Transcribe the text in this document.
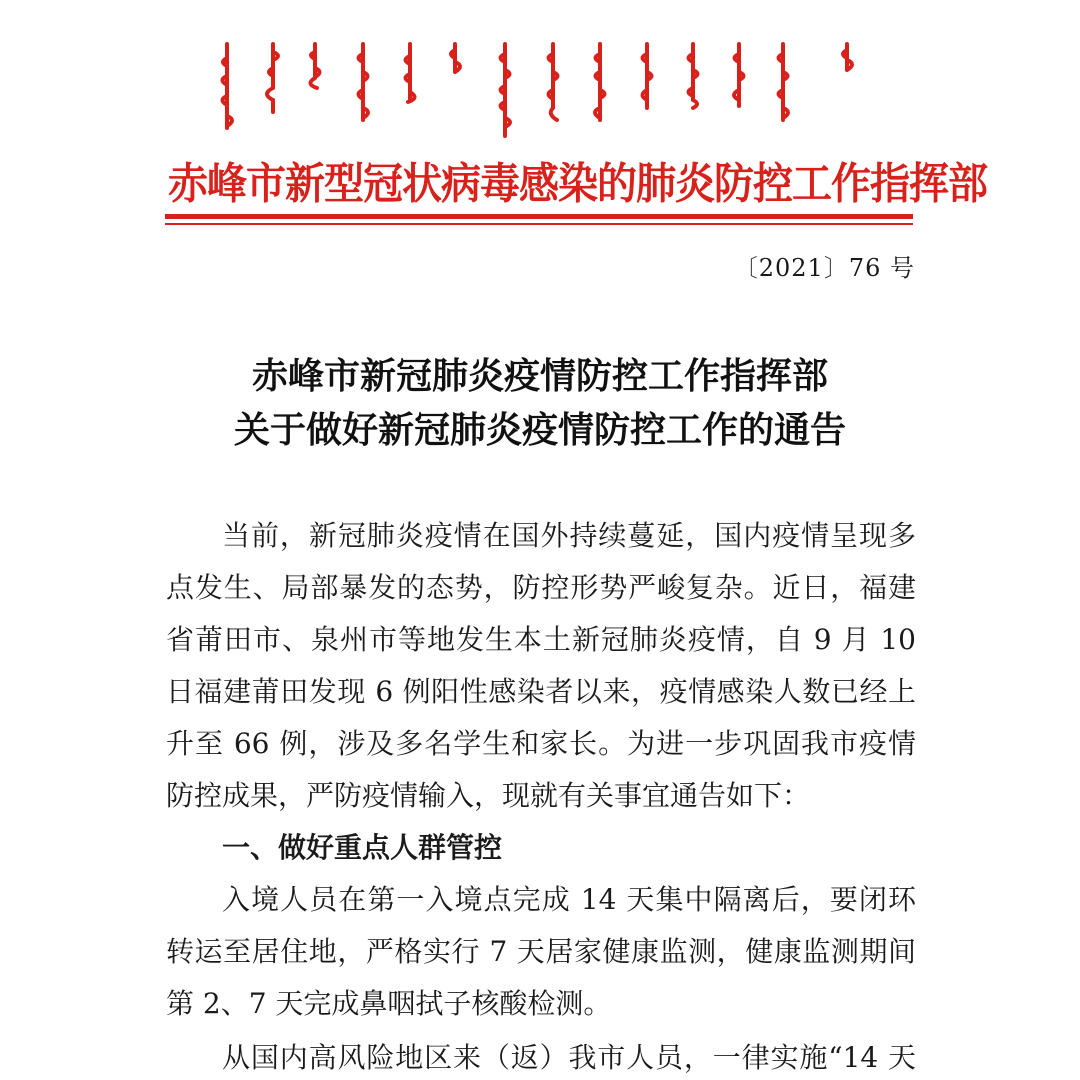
赤峰市新型冠状病毒感染的肺炎防控工作指挥部
〔2021〕76 号
赤峰市新冠肺炎疫情防控工作指挥部
关于做好新冠肺炎疫情防控工作的通告
当前，新冠肺炎疫情在国外持续蔓延，国内疫情呈现多
点发生、局部暴发的态势，防控形势严峻复杂。近日，福建
省莆田市、泉州市等地发生本土新冠肺炎疫情，自 9 月 10
日福建莆田发现 6 例阳性感染者以来，疫情感染人数已经上
升至 66 例，涉及多名学生和家长。为进一步巩固我市疫情
防控成果，严防疫情输入，现就有关事宜通告如下：
一、做好重点人群管控
入境人员在第一入境点完成 14 天集中隔离后，要闭环
转运至居住地，严格实行 7 天居家健康监测，健康监测期间
第 2、7 天完成鼻咽拭子核酸检测。
从国内高风险地区来（返）我市人员，一律实施“14 天
